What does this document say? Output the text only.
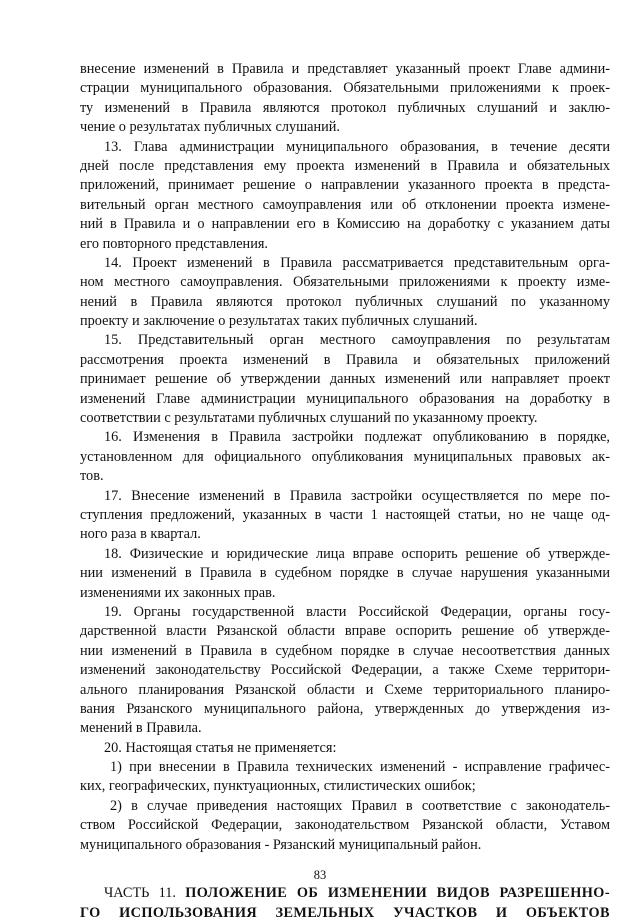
внесение изменений в Правила и представляет указанный проект Главе админи-
страции муниципального образования. Обязательными приложениями к проек-
ту изменений в Правила являются протокол публичных слушаний и заклю-
чение о результатах публичных слушаний.
13. Глава администрации муниципального образования, в течение десяти
дней после представления ему проекта изменений в Правила и обязательных
приложений, принимает решение о направлении указанного проекта в предста-
вительный орган местного самоуправления или об отклонении проекта измене-
ний в Правила и о направлении его в Комиссию на доработку с указанием даты
его повторного представления.
14. Проект изменений в Правила рассматривается представительным орга-
ном местного самоуправления. Обязательными приложениями к проекту изме-
нений в Правила являются протокол публичных слушаний по указанному
проекту и заключение о результатах таких публичных слушаний.
15. Представительный орган местного самоуправления по результатам
рассмотрения проекта изменений в Правила и обязательных приложений
принимает решение об утверждении данных изменений или направляет проект
изменений Главе администрации муниципального образования на доработку в
соответствии с результатами публичных слушаний по указанному проекту.
16. Изменения в Правила застройки подлежат опубликованию в порядке,
установленном для официального опубликования муниципальных правовых ак-
тов.
17. Внесение изменений в Правила застройки осуществляется по мере по-
ступления предложений, указанных в части 1 настоящей статьи, но не чаще од-
ного раза в квартал.
18. Физические и юридические лица вправе оспорить решение об утвержде-
нии изменений в Правила в судебном порядке в случае нарушения указанными
изменениями их законных прав.
19. Органы государственной власти Российской Федерации, органы госу-
дарственной власти Рязанской области вправе оспорить решение об утвержде-
нии изменений в Правила в судебном порядке в случае несоответствия данных
изменений законодательству Российской Федерации, а также Схеме территори-
ального планирования Рязанской области и Схеме территориального планиро-
вания Рязанского муниципального района, утвержденных до утверждения из-
менений в Правила.
20. Настоящая статья не применяется:
1) при внесении в Правила технических изменений - исправление графичес-
ких, географических, пунктуационных, стилистических ошибок;
2) в случае приведения настоящих Правил в соответствие с законодатель-
ством Российской Федерации, законодательством Рязанской области, Уставом
муниципального образования - Рязанский муниципальный район.
ЧАСТЬ 11. ПОЛОЖЕНИЕ ОБ ИЗМЕНЕНИИ ВИДОВ РАЗРЕШЕННО-
ГО ИСПОЛЬЗОВАНИЯ ЗЕМЕЛЬНЫХ УЧАСТКОВ И ОБЪЕКТОВ
83
